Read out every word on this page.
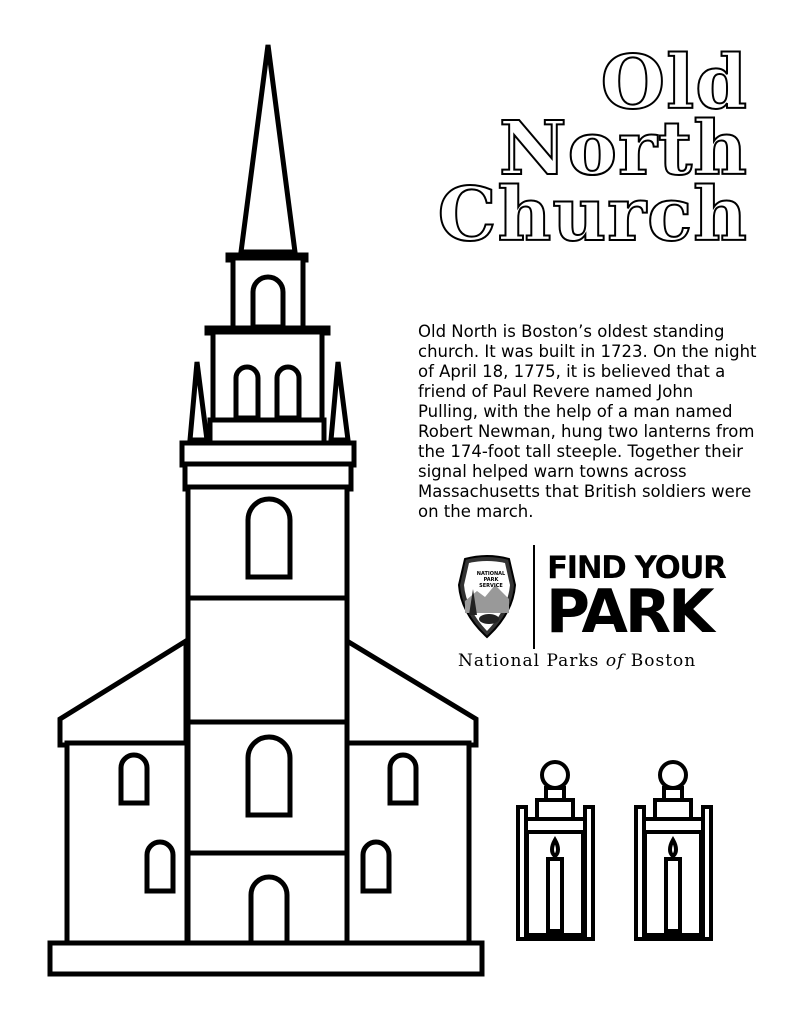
Old
North
Church

Old North is Boston’s oldest standing church. It was built in 1723. On the night of April 18, 1775, it is believed that a friend of Paul Revere named John Pulling, with the help of a man named Robert Newman, hung two lanterns from the 174-foot tall steeple. Together their signal helped warn towns across Massachusetts that British soldiers were on the march.

NATIONAL
PARK
SERVICE FIND YOUR
PARK
National Parks of Boston
